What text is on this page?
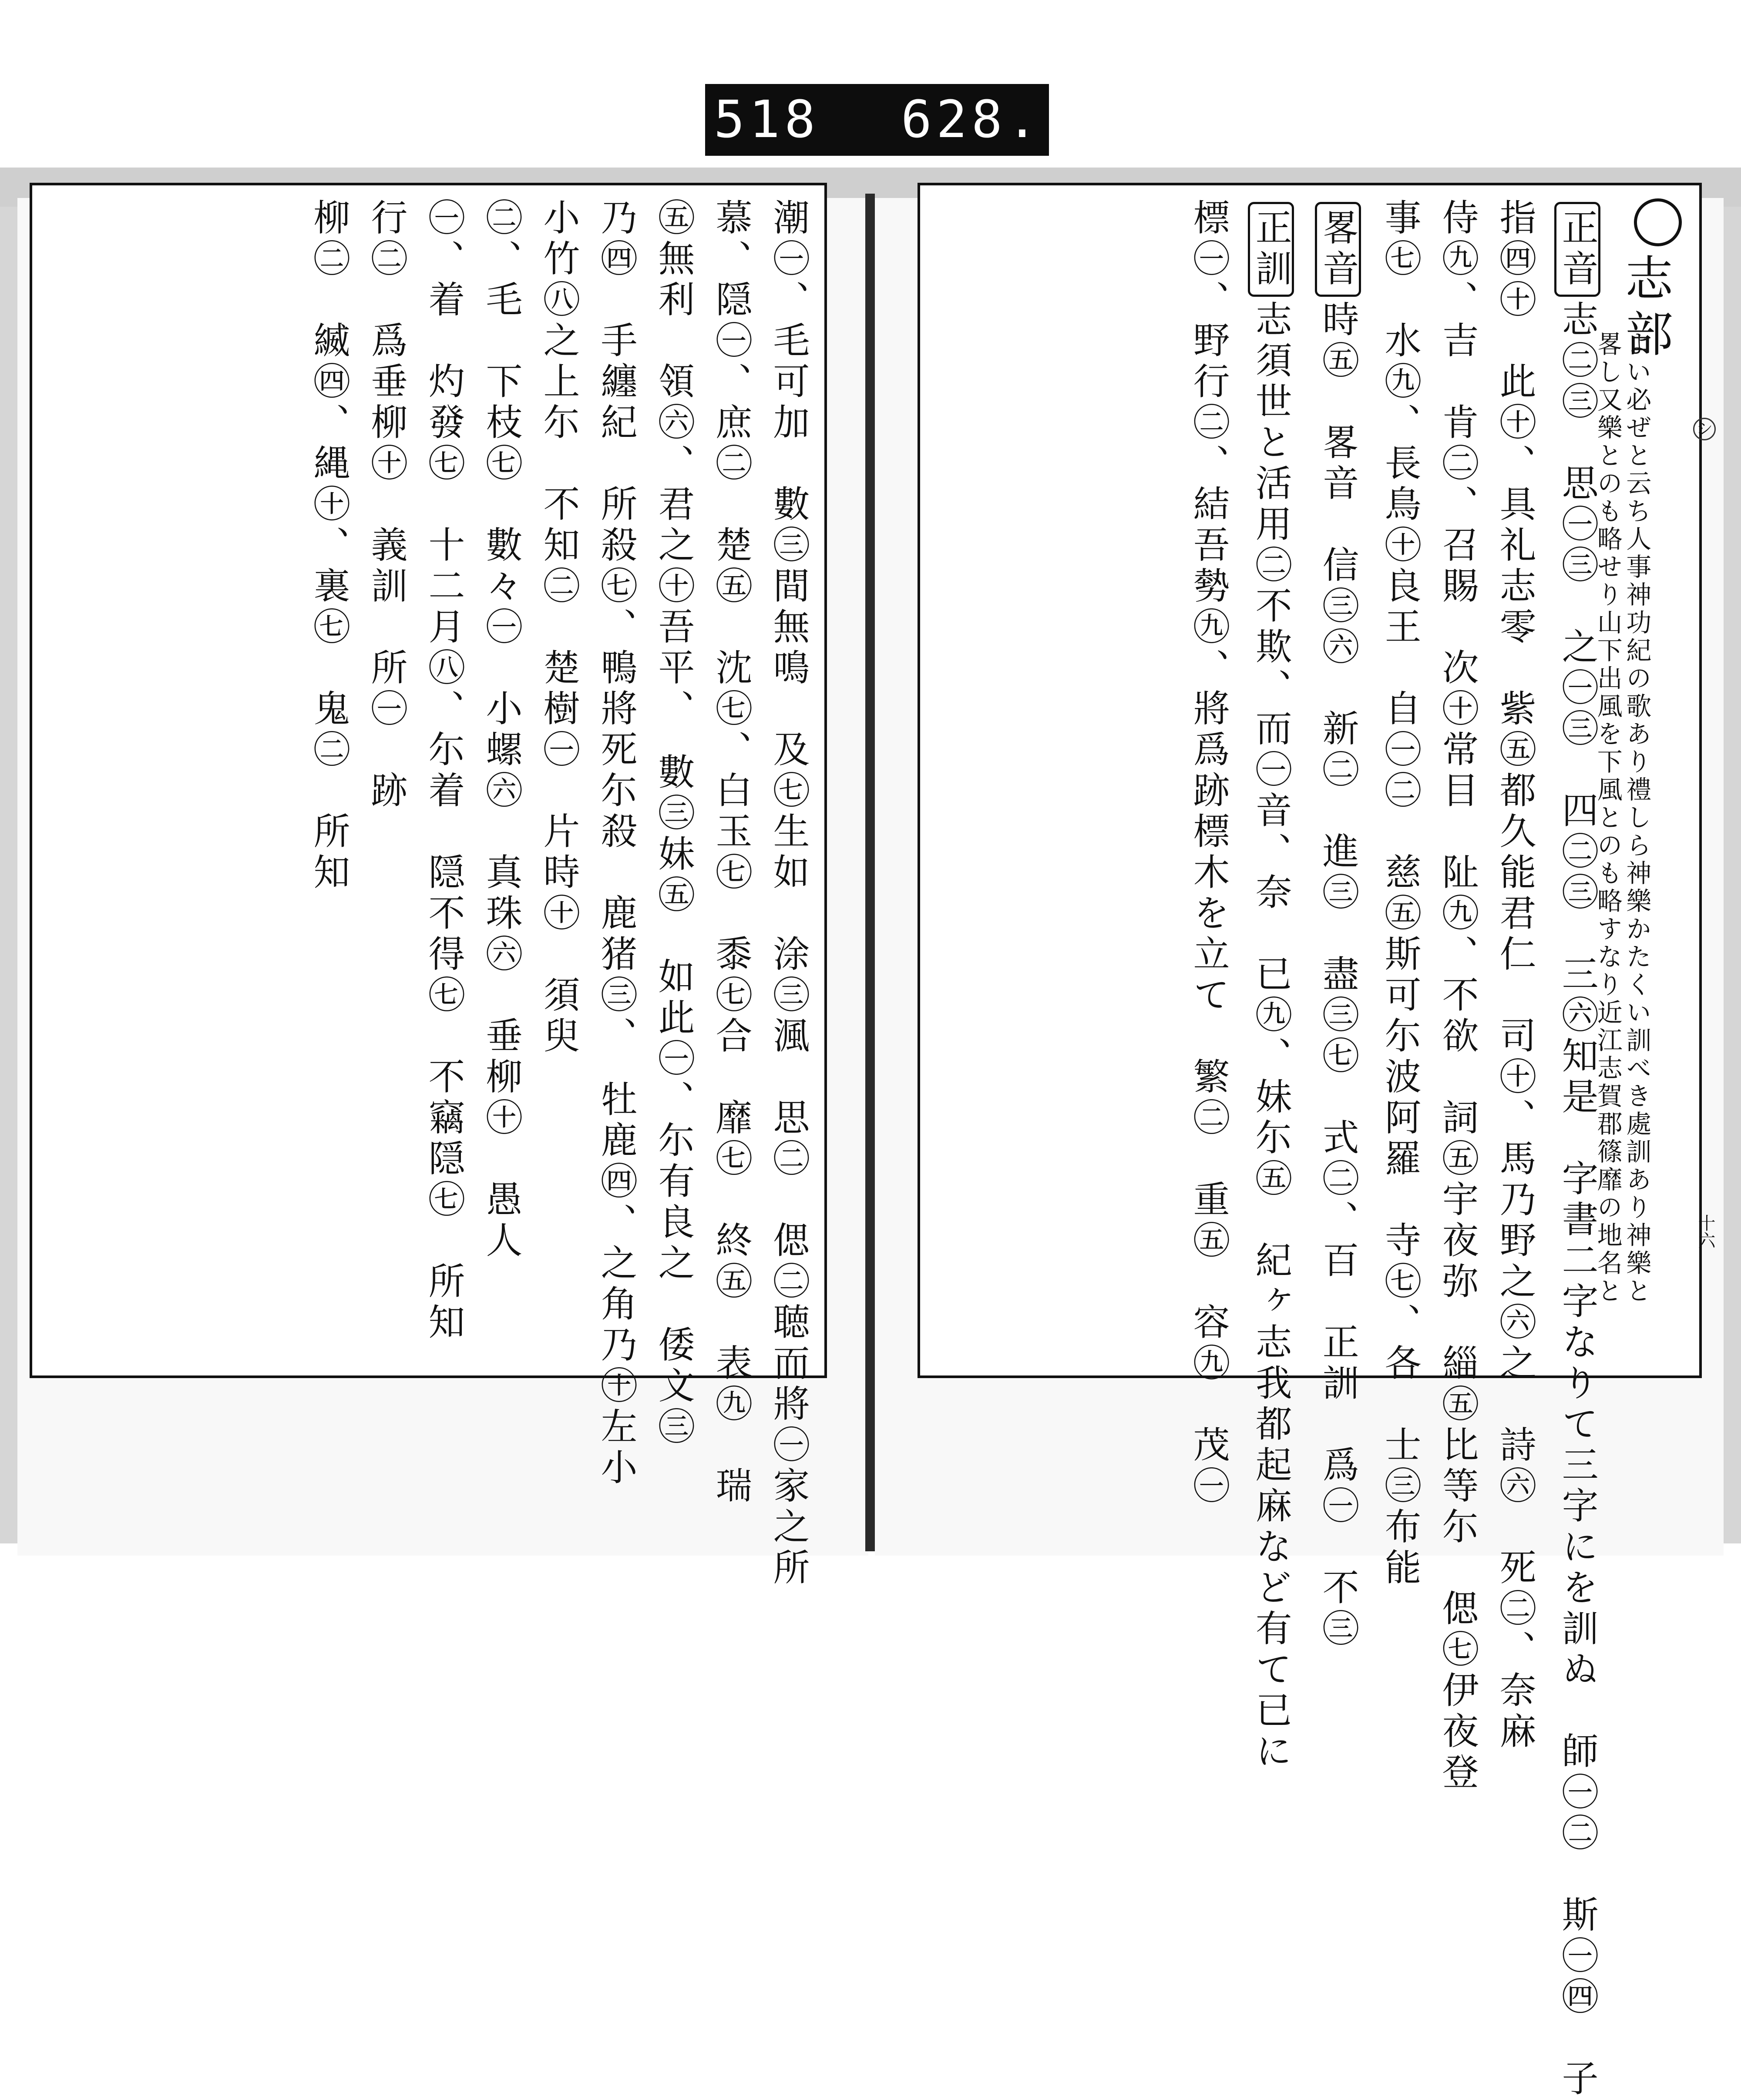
518 628.
潮㊀、毛可加　數㊂間無鳴　及㊆生如　涂㊂渢　思㊁　偲㊁聴而將㊀家之所
慕、隠㊀、庶㊁　楚㊄　沈㊆、白玉㊆　黍㊆合　靡㊆　終㊄　表㊈　瑞
㊄無利　領㊅、君之㊉吾平、　數㊂妹㊄　如此㊀、尓有良之　倭文㊂
乃㊃　手纏紀　所殺㊆、鴨將死尓殺　鹿猪㊂、　牡鹿㊃、之角乃㊉左小
小竹㊇之上尓　不知㊁　楚樹㊀　片時㊉　須臾
㊁、毛　下枝㊆　數々㊀　小螺㊅　真珠㊅　垂柳㊉　愚人
㊀、着　灼發㊆　十二月㊇、尓着　隠不得㊆　不竊隠㊆　所知
行㊁　爲垂柳㊉　義訓　所㊀　跡
柳㊁　縅㊃、縄㊉、裏㊆　鬼㊁　所知	志部
正音志㊁㊂　思㊀㊂　之㊀㊂　四㊁㊂　三㊅知是　字書二字なりて三字にを訓ぬ　師㊀㊁　斯㊀㊃　子
指㊃㊉　此㊉、具礼志零　紫㊄都久能君仁　司㊉、馬乃野之㊅之　詩㊅　死㊁、奈麻
侍㊈、吉　肯㊁、召賜　次㊉常目　阯㊈、不欲　詞㊄宇夜弥　緇㊄比等尓　偲㊆伊夜登
事㊆　水㊈、長鳥㊉良王　自㊀㊁　慈㊄斯可尓波阿羅　寺㊆、各　士㊂布能
畧音時㊄　畧音　信㊂㊅　新㊁　進㊂　盡㊂㊆　式㊁、百　正訓　爲㊀　不㊂
正訓志須世と活用㊁不欺、而㊀音、奈　已㊈、妹尓㊄　紀ヶ志我都起麻など有て已に
標㊀、野行㊁、結吾勢㊈、將爲跡標木を立て　繁㊁　重㊄　容㊈　茂㊀	よい必ぜと云ち人事神功紀の歌あり禮しら神樂かたくい訓べき處訓あり神樂と畧し又樂とのも略せり山下出風を下風とのも略すなり近江志賀郡篠靡の地名と	シ
十六
